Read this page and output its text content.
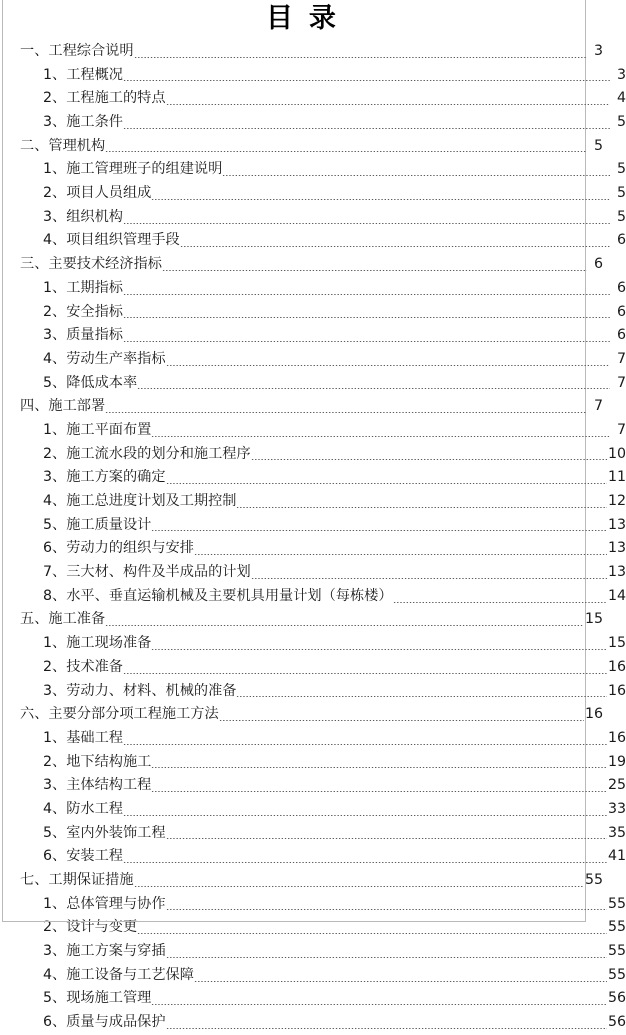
目 录
一、工程综合说明	3
1、工程概况	3
2、工程施工的特点	4
3、施工条件	5
二、管理机构	5
1、施工管理班子的组建说明	5
2、项目人员组成	5
3、组织机构	5
4、项目组织管理手段	6
三、主要技术经济指标	6
1、工期指标	6
2、安全指标	6
3、质量指标	6
4、劳动生产率指标	7
5、降低成本率	7
四、施工部署	7
1、施工平面布置	7
2、施工流水段的划分和施工程序	10
3、施工方案的确定	11
4、施工总进度计划及工期控制	12
5、施工质量设计	13
6、劳动力的组织与安排	13
7、三大材、构件及半成品的计划	13
8、水平、垂直运输机械及主要机具用量计划（每栋楼）	14
五、施工准备	15
1、施工现场准备	15
2、技术准备	16
3、劳动力、材料、机械的准备	16
六、主要分部分项工程施工方法	16
1、基础工程	16
2、地下结构施工	19
3、主体结构工程	25
4、防水工程	33
5、室内外装饰工程	35
6、安装工程	41
七、工期保证措施	55
1、总体管理与协作	55
2、设计与变更	55
3、施工方案与穿插	55
4、施工设备与工艺保障	55
5、现场施工管理	56
6、质量与成品保护	56
